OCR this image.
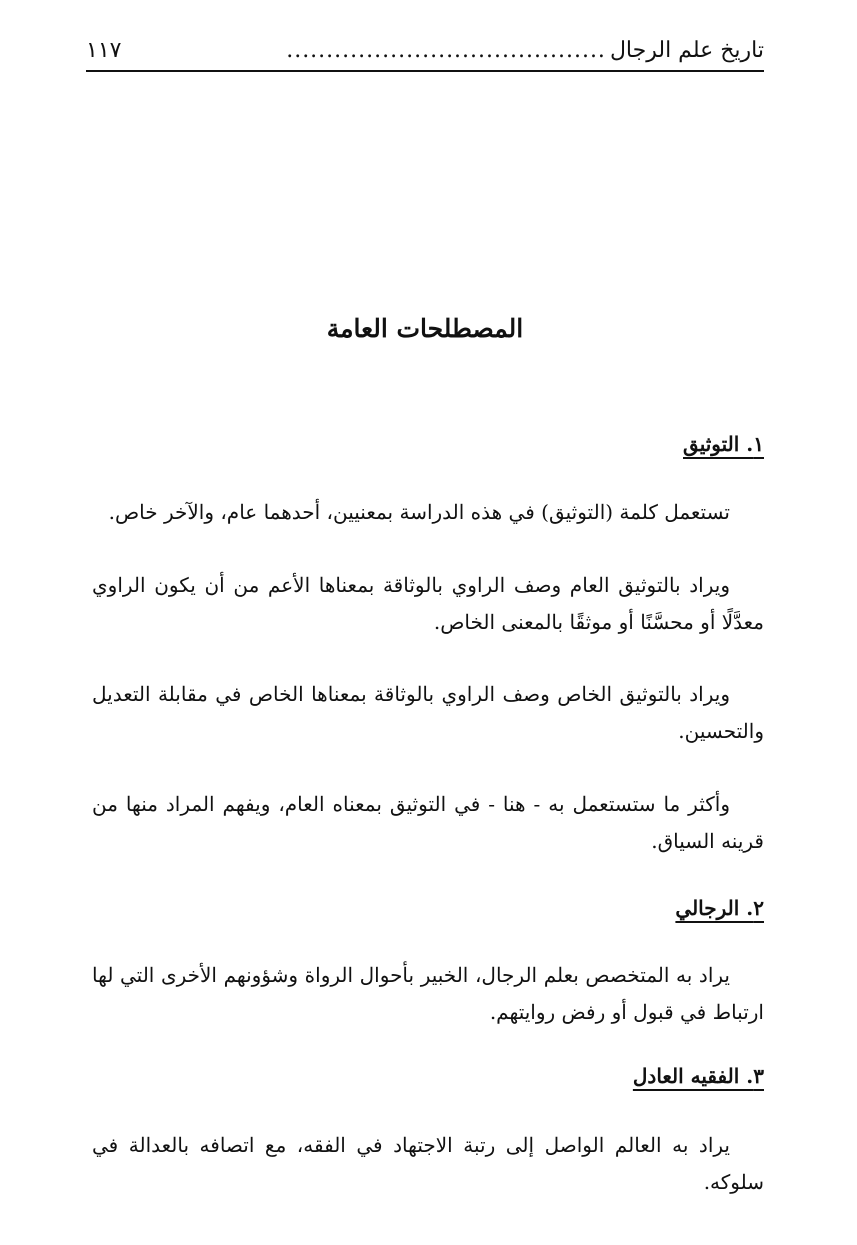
تاريخ علم الرجال
........................................
١١٧
المصطلحات العامة
١. التوثيق

تستعمل كلمة (التوثيق) في هذه الدراسة بمعنيين، أحدهما عام، والآخر خاص.

ويراد بالتوثيق العام وصف الراوي بالوثاقة بمعناها الأعم من أن يكون الراوي معدَّلًا أو محسَّنًا أو موثقًا بالمعنى الخاص.

ويراد بالتوثيق الخاص وصف الراوي بالوثاقة بمعناها الخاص في مقابلة التعديل والتحسين.

وأكثر ما ستستعمل به - هنا - في التوثيق بمعناه العام، ويفهم المراد منها من قرينه السياق.

٢. الرجالي

يراد به المتخصص بعلم الرجال، الخبير بأحوال الرواة وشؤونهم الأخرى التي لها ارتباط في قبول أو رفض روايتهم.

٣. الفقيه العادل

يراد به العالم الواصل إلى رتبة الاجتهاد في الفقه، مع اتصافه بالعدالة في سلوكه.
